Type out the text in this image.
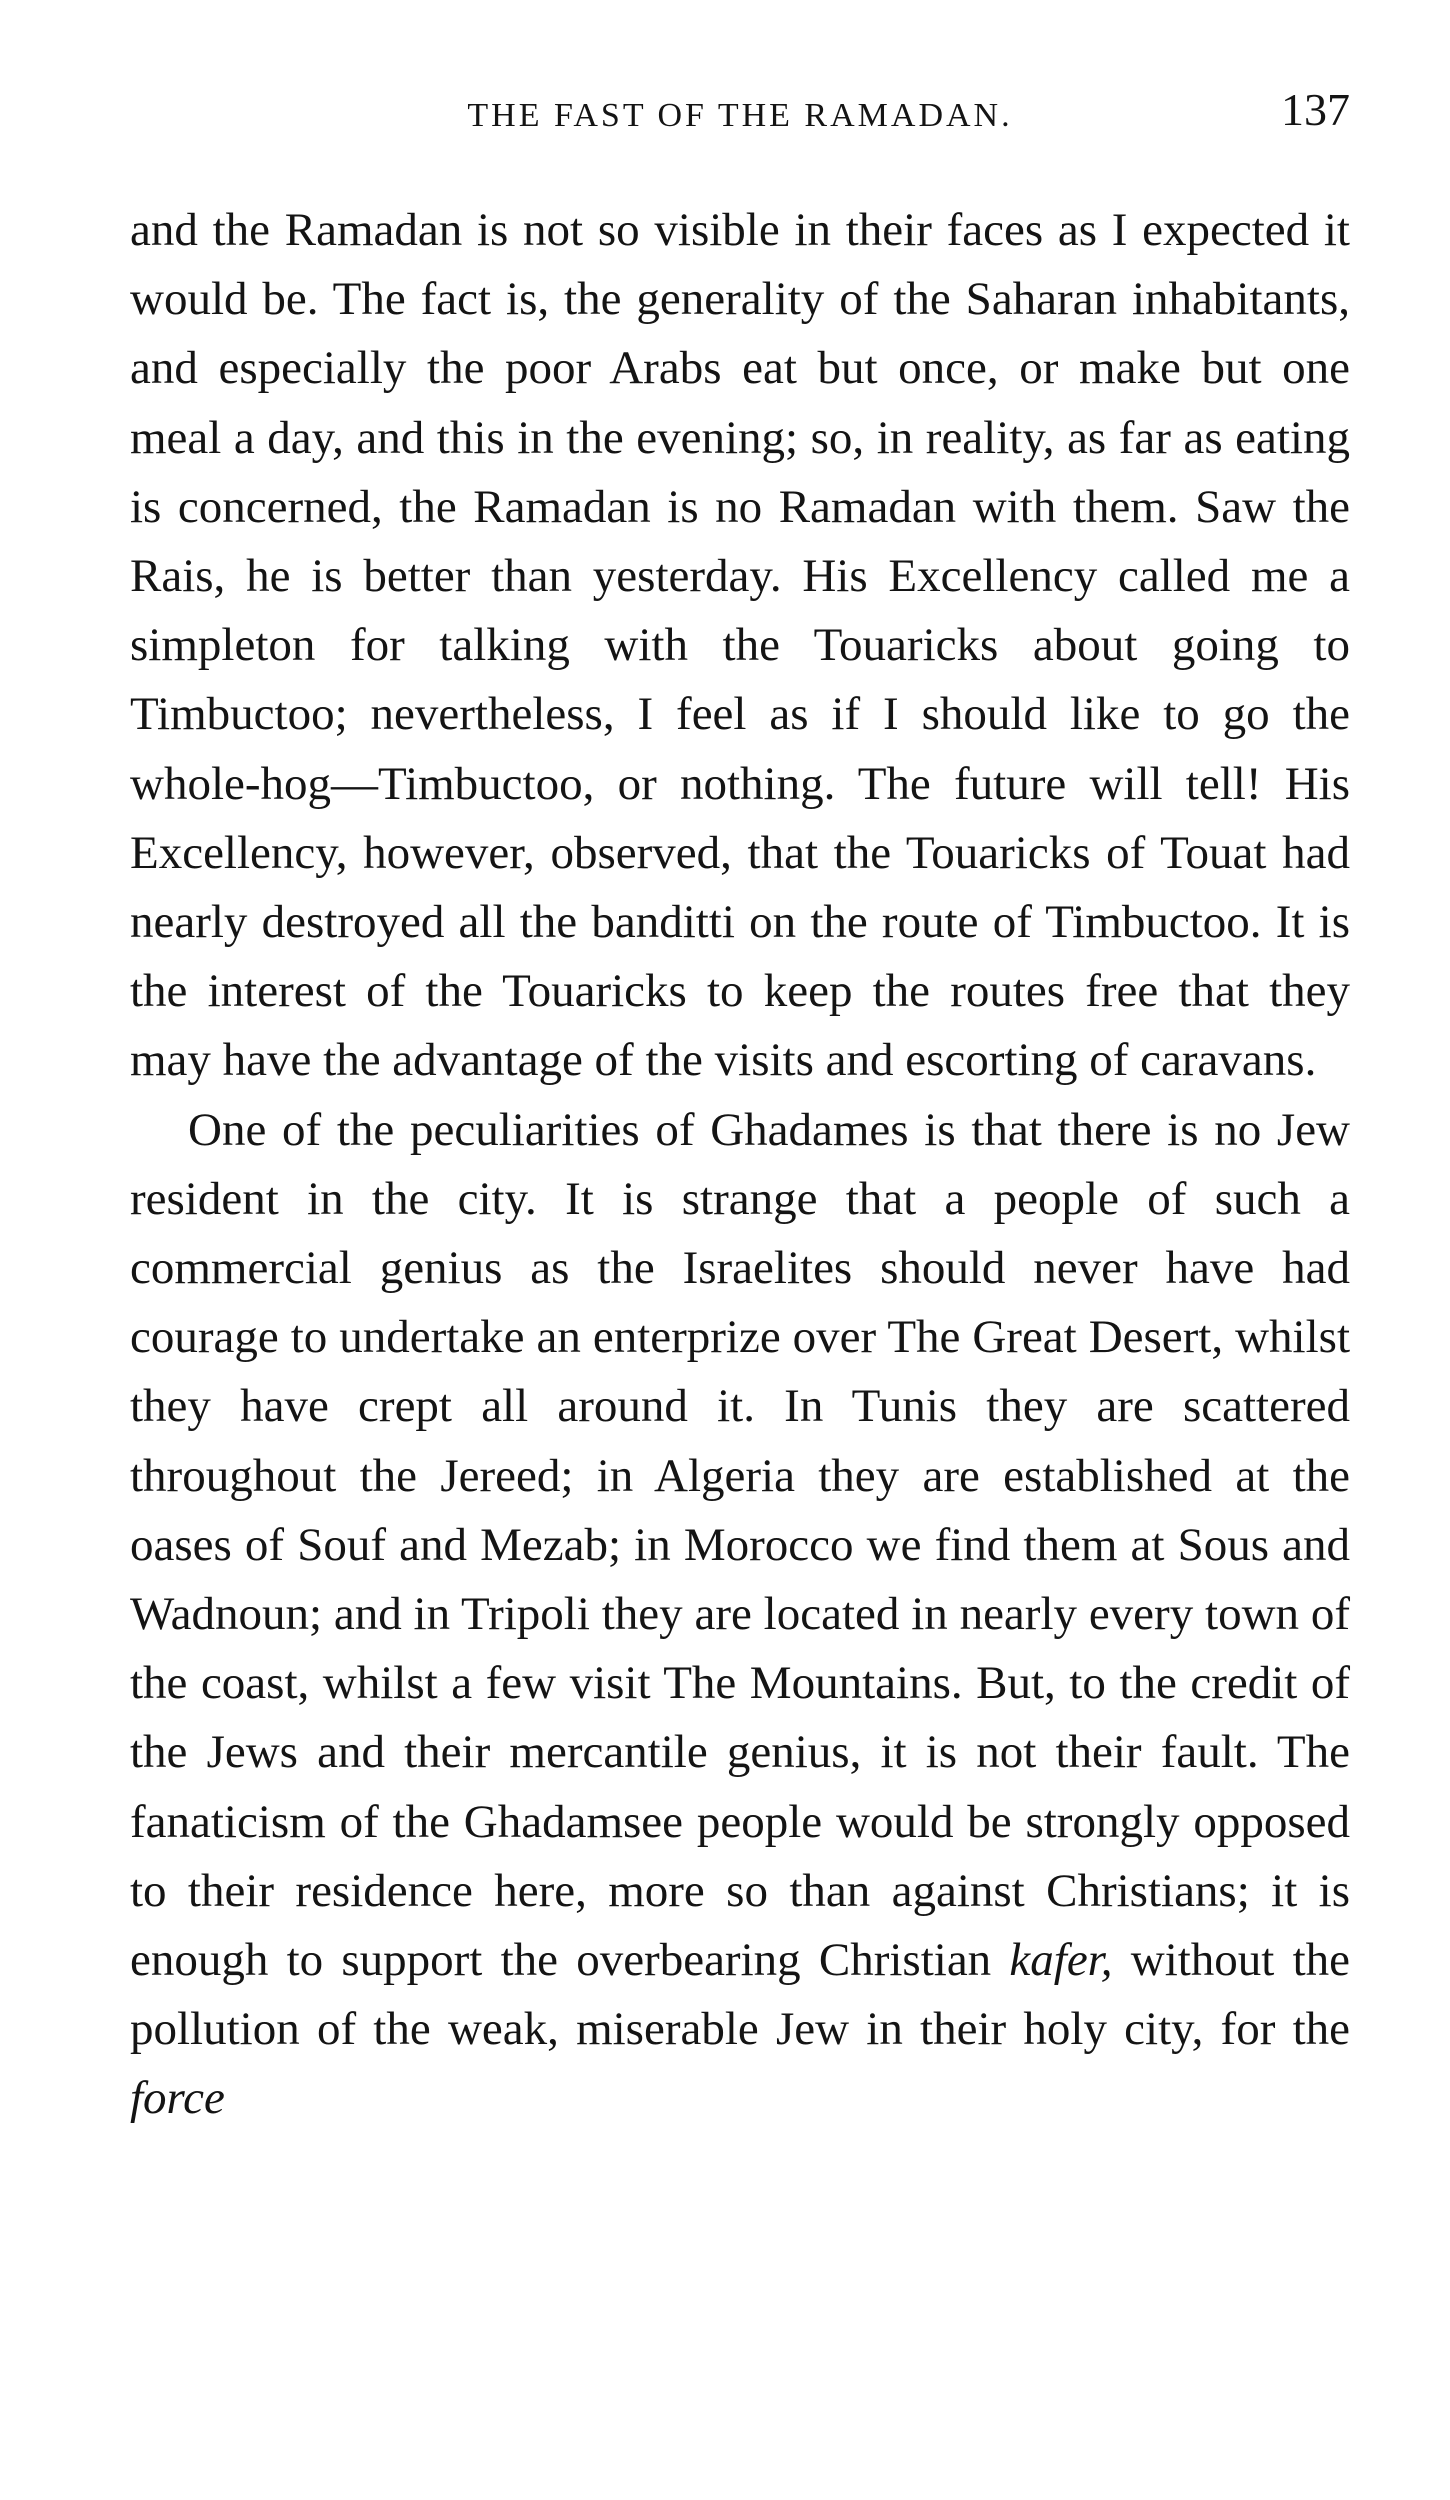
THE FAST OF THE RAMADAN.	137

and the Ramadan is not so visible in their faces as I expected it would be. The fact is, the generality of the Saharan inhabitants, and especially the poor Arabs eat but once, or make but one meal a day, and this in the evening; so, in reality, as far as eating is concerned, the Ramadan is no Ramadan with them. Saw the Rais, he is better than yesterday. His Excellency called me a simpleton for talking with the Touaricks about going to Timbuctoo; nevertheless, I feel as if I should like to go the whole-hog—Timbuctoo, or nothing. The future will tell! His Excellency, however, observed, that the Touaricks of Touat had nearly destroyed all the banditti on the route of Timbuctoo. It is the interest of the Touaricks to keep the routes free that they may have the advantage of the visits and escorting of caravans.

One of the peculiarities of Ghadames is that there is no Jew resident in the city. It is strange that a people of such a commercial genius as the Israelites should never have had courage to undertake an enterprize over The Great Desert, whilst they have crept all around it. In Tunis they are scattered throughout the Jereed; in Algeria they are established at the oases of Souf and Mezab; in Morocco we find them at Sous and Wadnoun; and in Tripoli they are located in nearly every town of the coast, whilst a few visit The Mountains. But, to the credit of the Jews and their mercantile genius, it is not their fault. The fanaticism of the Ghadamsee people would be strongly opposed to their residence here, more so than against Christians; it is enough to support the overbearing Christian kafer, without the pollution of the weak, miserable Jew in their holy city, for the force
